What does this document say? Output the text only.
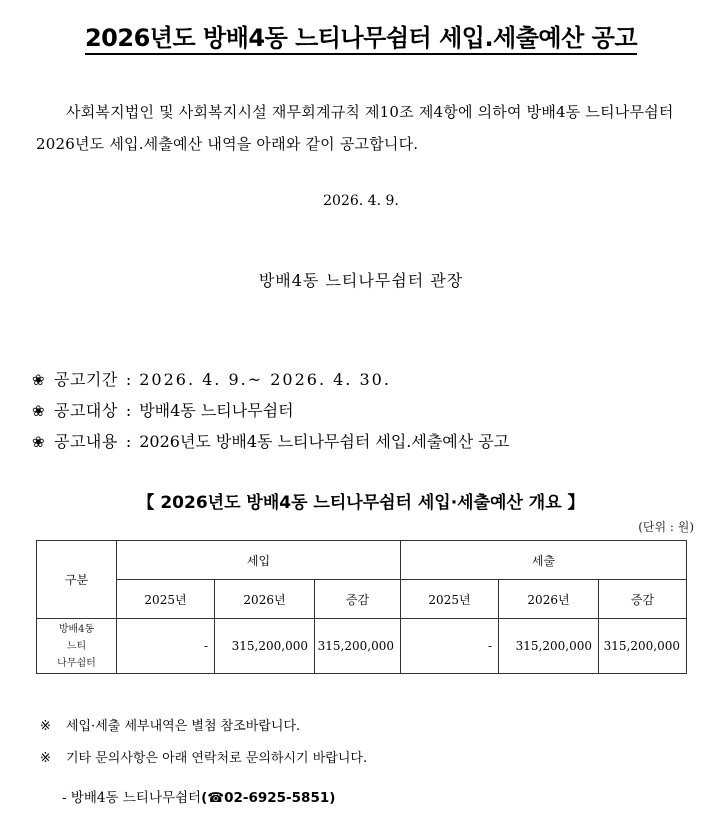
2026년도 방배4동 느티나무쉼터 세입.세출예산 공고
사회복지법인 및 사회복지시설 재무회계규칙 제10조 제4항에 의하여 방배4동 느티나무쉼터 2026년도 세입.세출예산 내역을 아래와 같이 공고합니다.
2026. 4. 9.
방배4동 느티나무쉼터 관장
❀ 공고기간 : 2026. 4. 9.~ 2026. 4. 30.
❀ 공고대상 : 방배4동 느티나무쉼터
❀ 공고내용 : 2026년도 방배4동 느티나무쉼터 세입.세출예산 공고
【 2026년도 방배4동 느티나무쉼터 세입·세출예산 개요 】
(단위 : 원)
구분	세입			세출		
	2025년	2026년	증감	2025년	2026년	증감
방배4동
느티
나무쉼터	-	315,200,000	315,200,000	-	315,200,000	315,200,000
※ 세입·세출 세부내역은 별첨 참조바랍니다.
※ 기타 문의사항은 아래 연락처로 문의하시기 바랍니다.
- 방배4동 느티나무쉼터(☎02-6925-5851)
